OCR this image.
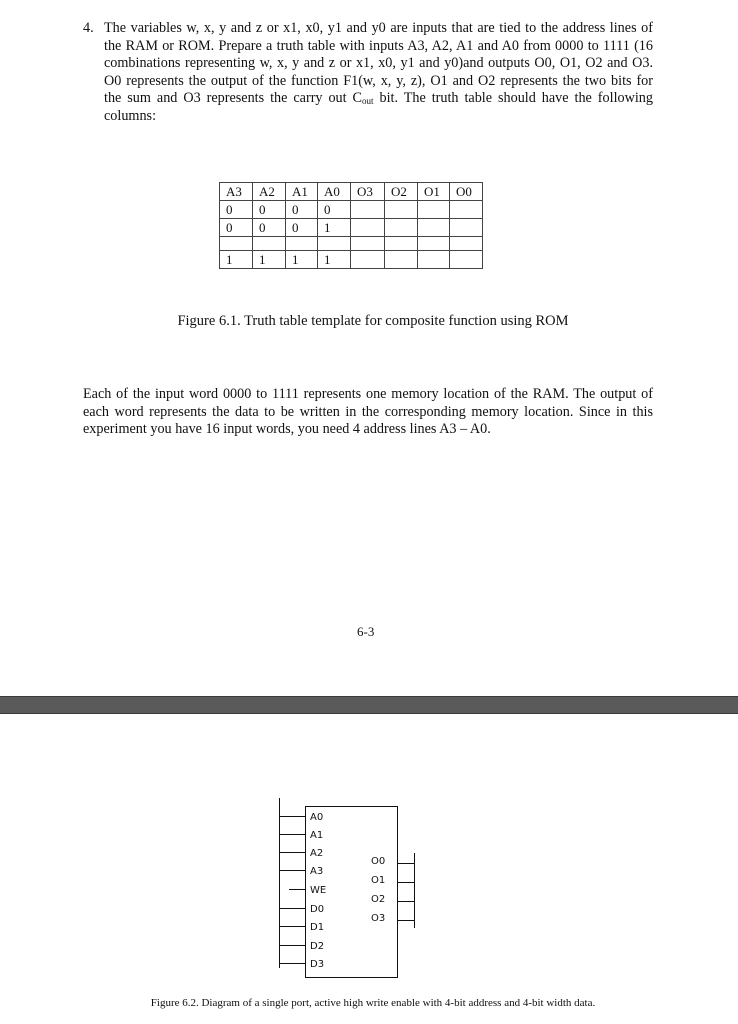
4. The variables w, x, y and z or x1, x0, y1 and y0 are inputs that are tied to the address lines of
the RAM or ROM. Prepare a truth table with inputs A3, A2, A1 and A0 from 0000 to 1111 (16
combinations representing w, x, y and z or x1, x0, y1 and y0)and outputs O0, O1, O2 and O3.
O0 represents the output of the function F1(w, x, y, z), O1 and O2 represents the two bits for
the sum and O3 represents the carry out $C_{out}$ bit. The truth table should have the following
columns:
A3	A2	A1	A0	O3	O2	O1	O0
0	0	0	0				
0	0	0	1				

1	1	1	1				
Figure 6.1. Truth table template for composite function using ROM
Each of the input word 0000 to 1111 represents one memory location of the RAM. The output of
each word represents the data to be written in the corresponding memory location. Since in this
experiment you have 16 input words, you need 4 address lines A3 – A0.
6-3
A0
A1
A2
A3
WE
D0
D1
D2
D3
O0
O1
O2
O3
Figure 6.2. Diagram of a single port, active high write enable with 4-bit address and 4-bit width data.
